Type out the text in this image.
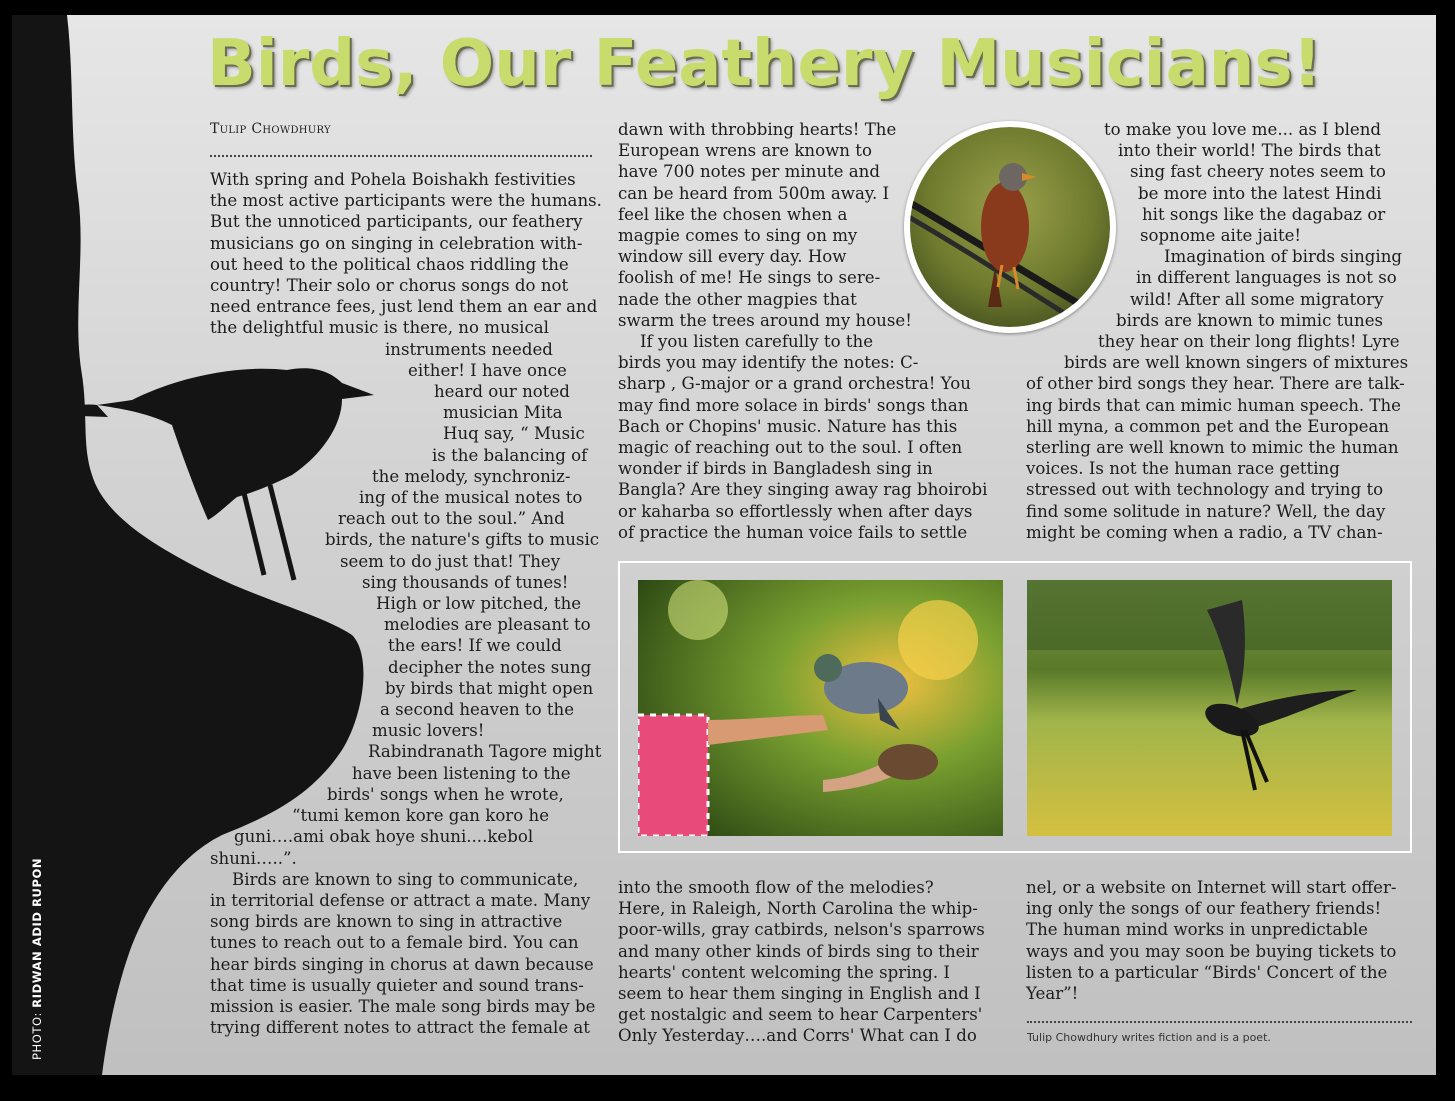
Birds, Our Feathery Musicians!
Tulip Chowdhury
With spring and Pohela Boishakh festivities
the most active participants were the humans.
But the unnoticed participants, our feathery
musicians go on singing in celebration with-
out heed to the political chaos riddling the
country! Their solo or chorus songs do not
need entrance fees, just lend them an ear and
the delightful music is there, no musical
instruments needed
either! I have once
heard our noted
musician Mita
Huq say, “ Music
is the balancing of
the melody, synchroniz-
ing of the musical notes to
reach out to the soul.” And
birds, the nature's gifts to music
seem to do just that! They
sing thousands of tunes!
High or low pitched, the
melodies are pleasant to
the ears! If we could
decipher the notes sung
by birds that might open
a second heaven to the
music lovers!
Rabindranath Tagore might
have been listening to the
birds' songs when he wrote,
“tumi kemon kore gan koro he
guni….ami obak hoye shuni....kebol
shuni…..”.
Birds are known to sing to communicate,
in territorial defense or attract a mate. Many
song birds are known to sing in attractive
tunes to reach out to a female bird. You can
hear birds singing in chorus at dawn because
that time is usually quieter and sound trans-
mission is easier. The male song birds may be
trying different notes to attract the female at
dawn with throbbing hearts! The
European wrens are known to
have 700 notes per minute and
can be heard from 500m away. I
feel like the chosen when a
magpie comes to sing on my
window sill every day. How
foolish of me! He sings to sere-
nade the other magpies that
swarm the trees around my house!
If you listen carefully to the
birds you may identify the notes: C-
sharp , G-major or a grand orchestra! You
may find more solace in birds' songs than
Bach or Chopins' music. Nature has this
magic of reaching out to the soul. I often
wonder if birds in Bangladesh sing in
Bangla? Are they singing away rag bhoirobi
or kaharba so effortlessly when after days
of practice the human voice fails to settle
to make you love me... as I blend
into their world! The birds that
sing fast cheery notes seem to
be more into the latest Hindi
hit songs like the dagabaz or
sopnome aite jaite!
Imagination of birds singing
in different languages is not so
wild! After all some migratory
birds are known to mimic tunes
they hear on their long flights! Lyre
birds are well known singers of mixtures
of other bird songs they hear. There are talk-
ing birds that can mimic human speech. The
hill myna, a common pet and the European
sterling are well known to mimic the human
voices. Is not the human race getting
stressed out with technology and trying to
find some solitude in nature? Well, the day
might be coming when a radio, a TV chan-
into the smooth flow of the melodies?
Here, in Raleigh, North Carolina the whip-
poor-wills, gray catbirds, nelson's sparrows
and many other kinds of birds sing to their
hearts' content welcoming the spring. I
seem to hear them singing in English and I
get nostalgic and seem to hear Carpenters'
Only Yesterday….and Corrs' What can I do
nel, or a website on Internet will start offer-
ing only the songs of our feathery friends!
The human mind works in unpredictable
ways and you may soon be buying tickets to
listen to a particular “Birds' Concert of the
Year”!
Tulip Chowdhury writes fiction and is a poet.
PHOTO: RIDWAN ADID RUPON
